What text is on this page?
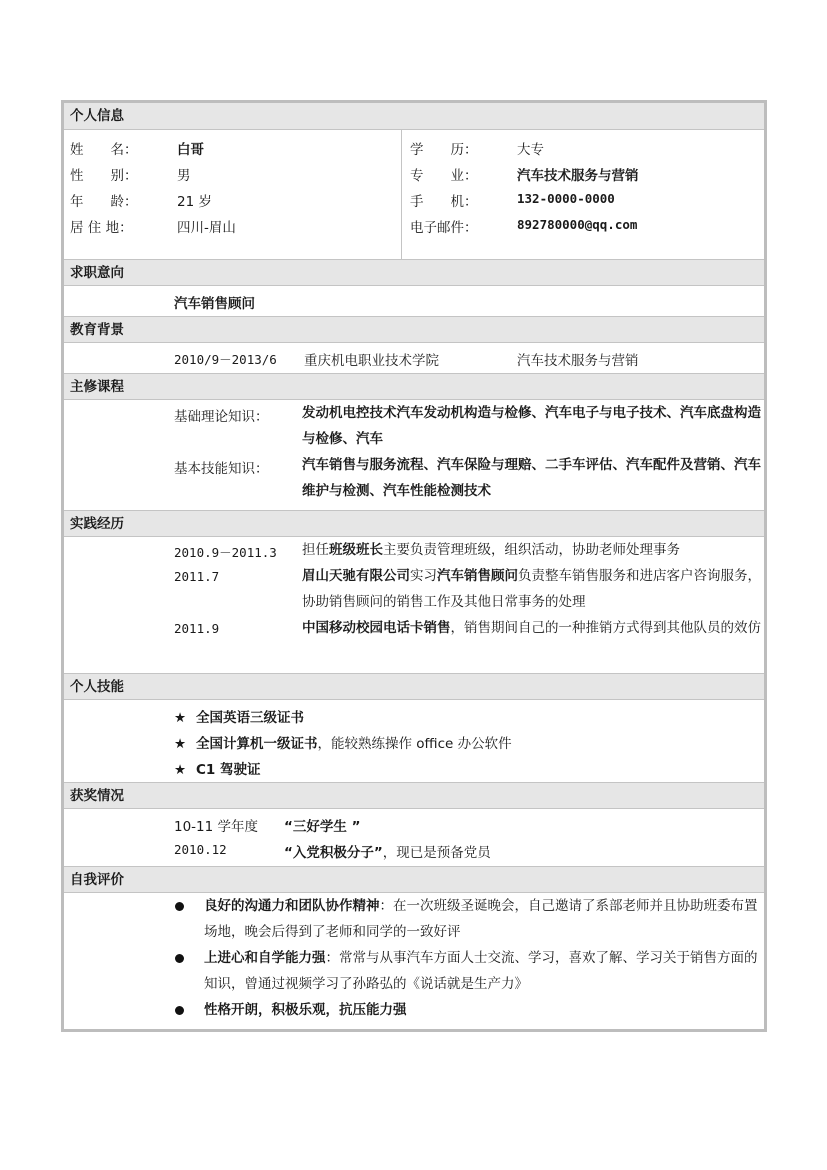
个人信息
姓　　名：	白哥
性　　别：	男
年　　龄：	21 岁
居 住 地：	四川-眉山
学　　历：	大专
专　　业：	汽车技术服务与营销
手　　机：	132-0000-0000
电子邮件：	892780000@qq.com
求职意向
汽车销售顾问
教育背景
2010/9－2013/6 重庆机电职业技术学院	汽车技术服务与营销
主修课程
基础理论知识： 发动机电控技术汽车发动机构造与检修、汽车电子与电子技术、汽车底盘构造与检修、汽车
基本技能知识： 汽车销售与服务流程、汽车保险与理赔、二手车评估、汽车配件及营销、汽车维护与检测、汽车性能检测技术
实践经历
2010.9－2011.3 担任班级班长主要负责管理班级，组织活动，协助老师处理事务
2011.7	眉山天驰有限公司实习汽车销售顾问负责整车销售服务和进店客户咨询服务，协助销售顾问的销售工作及其他日常事务的处理
2011.9	中国移动校园电话卡销售，销售期间自己的一种推销方式得到其他队员的效仿
个人技能
★ 全国英语三级证书
★ 全国计算机一级证书，能较熟练操作 office 办公软件
★ C1 驾驶证
获奖情况
10-11 学年度 “三好学生 ”
2010.12	“入党积极分子”，现已是预备党员
自我评价
良好的沟通力和团队协作精神：在一次班级圣诞晚会，自己邀请了系部老师并且协助班委布置场地，晚会后得到了老师和同学的一致好评
上进心和自学能力强：常常与从事汽车方面人士交流、学习，喜欢了解、学习关于销售方面的知识，曾通过视频学习了孙路弘的《说话就是生产力》
性格开朗，积极乐观，抗压能力强
